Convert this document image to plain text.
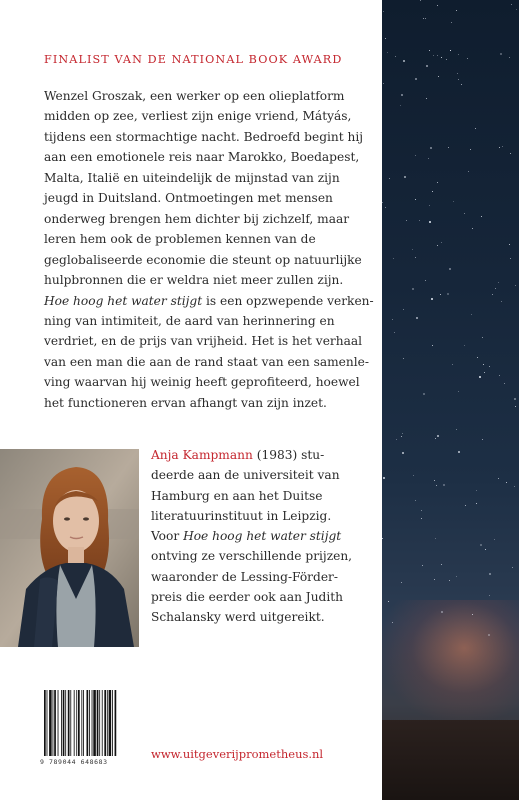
FINALIST VAN DE NATIONAL BOOK AWARD
Wenzel Groszak, een werker op een olieplatform
midden op zee, verliest zijn enige vriend, Mátyás,
tijdens een stormachtige nacht. Bedroefd begint hij
aan een emotionele reis naar Marokko, Boedapest,
Malta, Italië en uiteindelijk de mijnstad van zijn
jeugd in Duitsland. Ontmoetingen met mensen
onderweg brengen hem dichter bij zichzelf, maar
leren hem ook de problemen kennen van de
geglobaliseerde economie die steunt op natuurlijke
hulpbronnen die er weldra niet meer zullen zijn.
Hoe hoog het water stijgt is een opzwepende verken-
ning van intimiteit, de aard van herinnering en
verdriet, en de prijs van vrijheid. Het is het verhaal
van een man die aan de rand staat van een samenle-
ving waarvan hij weinig heeft geprofiteerd, hoewel
het functioneren ervan afhangt van zijn inzet.
Anja Kampmann (1983) stu-
deerde aan de universiteit van
Hamburg en aan het Duitse
literatuurinstituut in Leipzig.
Voor Hoe hoog het water stijgt
ontving ze verschillende prijzen,
waaronder de Lessing-Förder-
preis die eerder ook aan Judith
Schalansky werd uitgereikt.
9 789044 648683
www.uitgeverijprometheus.nl
